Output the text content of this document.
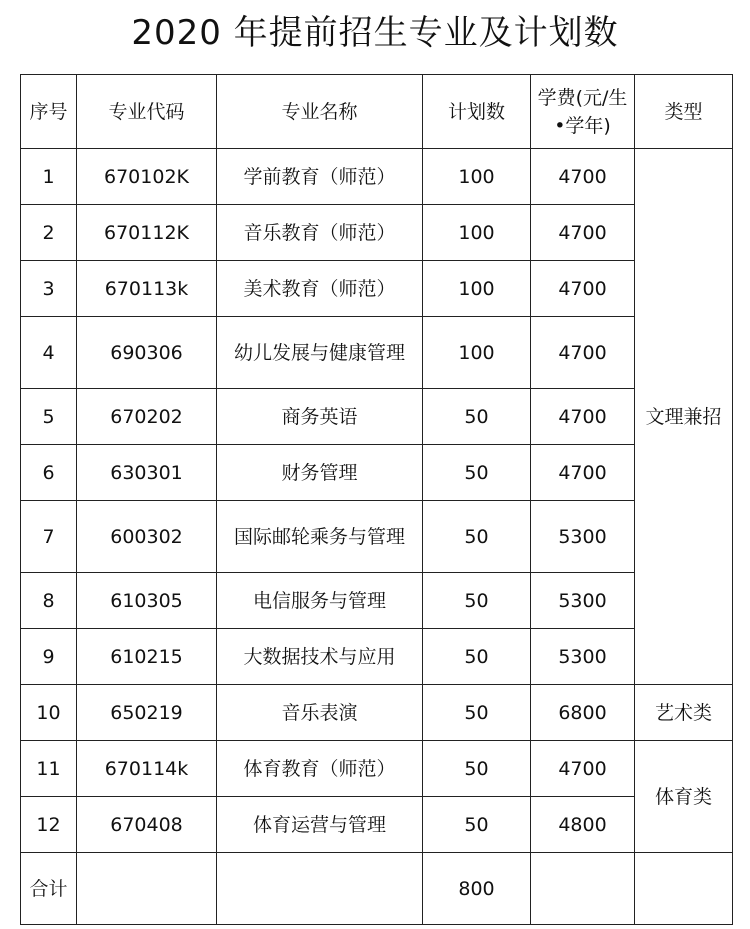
2020 年提前招生专业及计划数
序号	专业代码	专业名称	计划数	学费(元/生•学年)	类型
1	670102K	学前教育（师范）	100	4700	文理兼招
2	670112K	音乐教育（师范）	100	4700	
3	670113k	美术教育（师范）	100	4700	
4	690306	幼儿发展与健康管理	100	4700	
5	670202	商务英语	50	4700	
6	630301	财务管理	50	4700	
7	600302	国际邮轮乘务与管理	50	5300	
8	610305	电信服务与管理	50	5300	
9	610215	大数据技术与应用	50	5300	
10	650219	音乐表演	50	6800	艺术类
11	670114k	体育教育（师范）	50	4700	体育类
12	670408	体育运营与管理	50	4800	
合计			800		
